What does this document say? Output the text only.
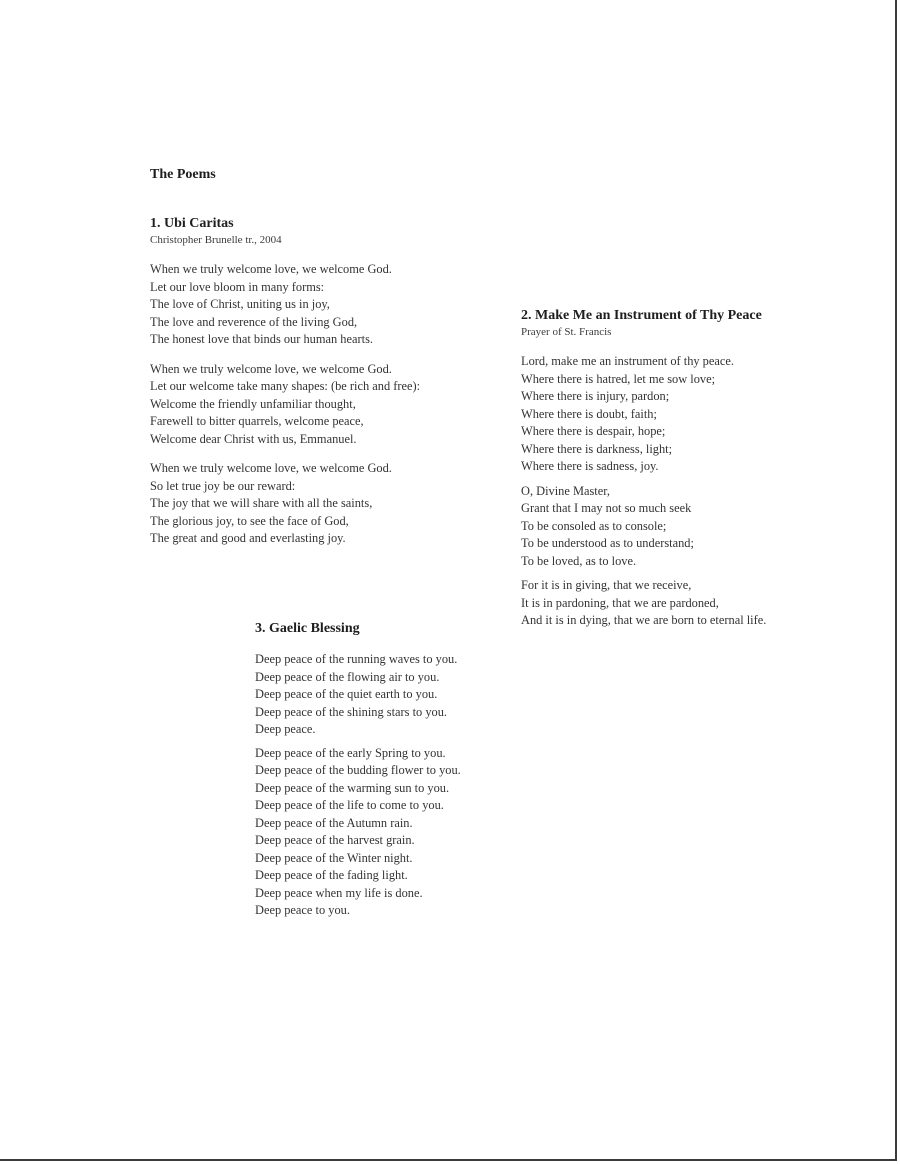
The Poems
1. Ubi Caritas
Christopher Brunelle tr., 2004
When we truly welcome love, we welcome God.
Let our love bloom in many forms:
The love of Christ, uniting us in joy,
The love and reverence of the living God,
The honest love that binds our human hearts.
When we truly welcome love, we welcome God.
Let our welcome take many shapes: (be rich and free):
Welcome the friendly unfamiliar thought,
Farewell to bitter quarrels, welcome peace,
Welcome dear Christ with us, Emmanuel.
When we truly welcome love, we welcome God.
So let true joy be our reward:
The joy that we will share with all the saints,
The glorious joy, to see the face of God,
The great and good and everlasting joy.
2. Make Me an Instrument of Thy Peace
Prayer of St. Francis
Lord, make me an instrument of thy peace.
Where there is hatred, let me sow love;
Where there is injury, pardon;
Where there is doubt, faith;
Where there is despair, hope;
Where there is darkness, light;
Where there is sadness, joy.
O, Divine Master,
Grant that I may not so much seek
To be consoled as to console;
To be understood as to understand;
To be loved, as to love.
For it is in giving, that we receive,
It is in pardoning, that we are pardoned,
And it is in dying, that we are born to eternal life.
3. Gaelic Blessing
Deep peace of the running waves to you.
Deep peace of the flowing air to you.
Deep peace of the quiet earth to you.
Deep peace of the shining stars to you.
Deep peace.
Deep peace of the early Spring to you.
Deep peace of the budding flower to you.
Deep peace of the warming sun to you.
Deep peace of the life to come to you.
Deep peace of the Autumn rain.
Deep peace of the harvest grain.
Deep peace of the Winter night.
Deep peace of the fading light.
Deep peace when my life is done.
Deep peace to you.
